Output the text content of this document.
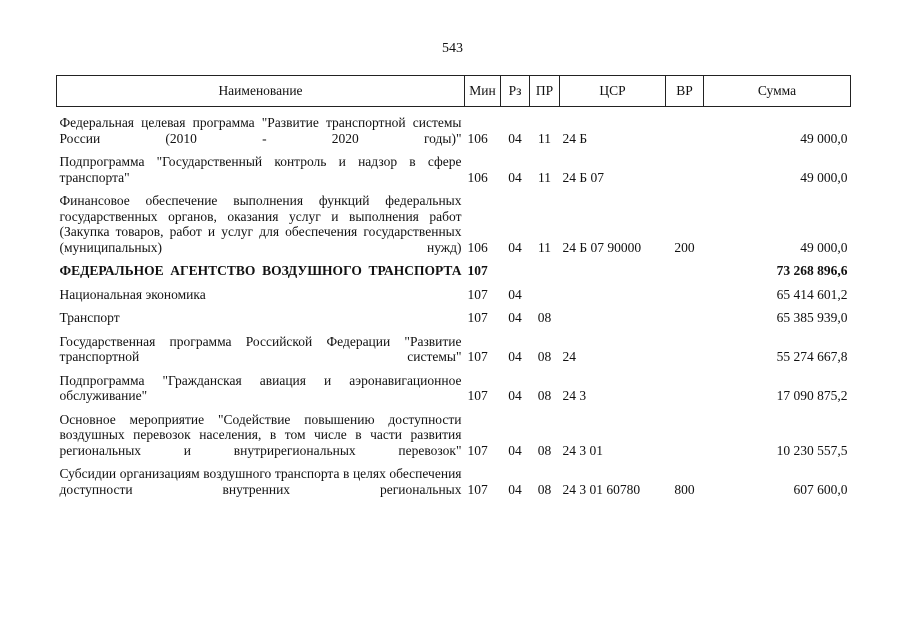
543
Наименование	Мин	Рз	ПР	ЦСР	ВР	Сумма

Федеральная целевая программа "Развитие транспортной системы России (2010 - 2020 годы)"	106	04	11	24 Б		49 000,0

Подпрограмма "Государственный контроль и надзор в сфере транспорта"	106	04	11	24 Б 07		49 000,0

Финансовое обеспечение выполнения функций федеральных государственных органов, оказания услуг и выполнения работ (Закупка товаров, работ и услуг для обеспечения государственных (муниципальных) нужд)	106	04	11	24 Б 07 90000	200	49 000,0

ФЕДЕРАЛЬНОЕ АГЕНТСТВО ВОЗДУШНОГО ТРАНСПОРТА	107					73 268 896,6

Национальная экономика	107	04				65 414 601,2

Транспорт	107	04	08			65 385 939,0

Государственная программа Российской Федерации "Развитие транспортной системы"	107	04	08	24		55 274 667,8

Подпрограмма "Гражданская авиация и аэронавигационное обслуживание"	107	04	08	24 3		17 090 875,2

Основное мероприятие "Содействие повышению доступности воздушных перевозок населения, в том числе в части развития региональных и внутрирегиональных перевозок"	107	04	08	24 3 01		10 230 557,5

Субсидии организациям воздушного транспорта в целях обеспечения доступности внутренних региональных	107	04	08	24 3 01 60780	800	607 600,0
